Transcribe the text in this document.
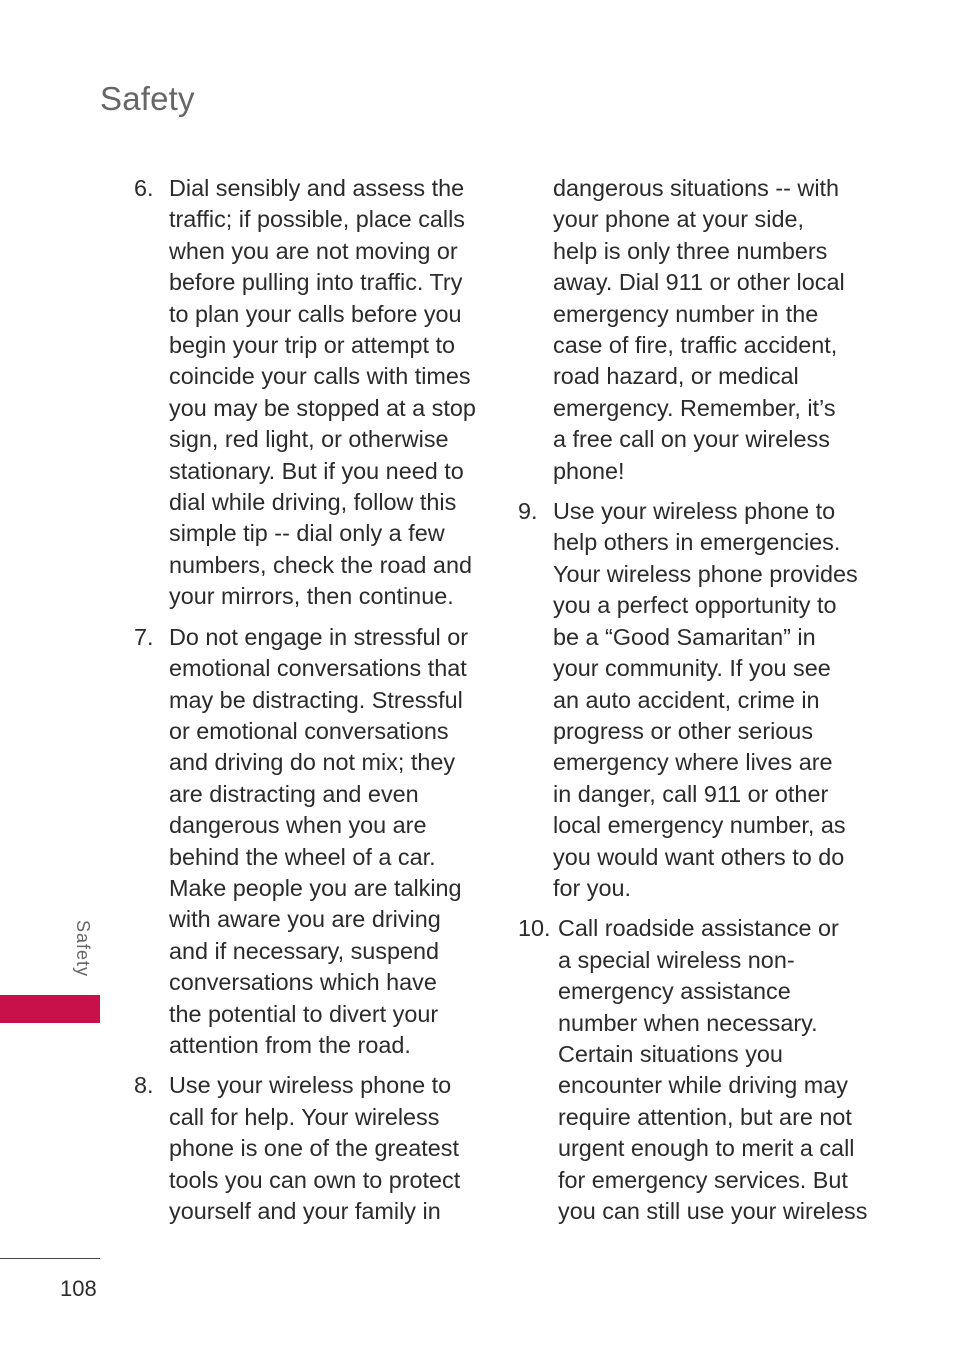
Safety
6. Dial sensibly and assess the
traffic; if possible, place calls
when you are not moving or
before pulling into traffic. Try
to plan your calls before you
begin your trip or attempt to
coincide your calls with times
you may be stopped at a stop
sign, red light, or otherwise
stationary. But if you need to
dial while driving, follow this
simple tip -- dial only a few
numbers, check the road and
your mirrors, then continue.
7. Do not engage in stressful or
emotional conversations that
may be distracting. Stressful
or emotional conversations
and driving do not mix; they
are distracting and even
dangerous when you are
behind the wheel of a car.
Make people you are talking
with aware you are driving
and if necessary, suspend
conversations which have
the potential to divert your
attention from the road.
8. Use your wireless phone to
call for help. Your wireless
phone is one of the greatest
tools you can own to protect
yourself and your family in
dangerous situations -- with
your phone at your side,
help is only three numbers
away. Dial 911 or other local
emergency number in the
case of fire, traffic accident,
road hazard, or medical
emergency. Remember, it’s
a free call on your wireless
phone!
9. Use your wireless phone to
help others in emergencies.
Your wireless phone provides
you a perfect opportunity to
be a “Good Samaritan” in
your community. If you see
an auto accident, crime in
progress or other serious
emergency where lives are
in danger, call 911 or other
local emergency number, as
you would want others to do
for you.
10. Call roadside assistance or
a special wireless non-
emergency assistance
number when necessary.
Certain situations you
encounter while driving may
require attention, but are not
urgent enough to merit a call
for emergency services. But
you can still use your wireless
Safety
108
